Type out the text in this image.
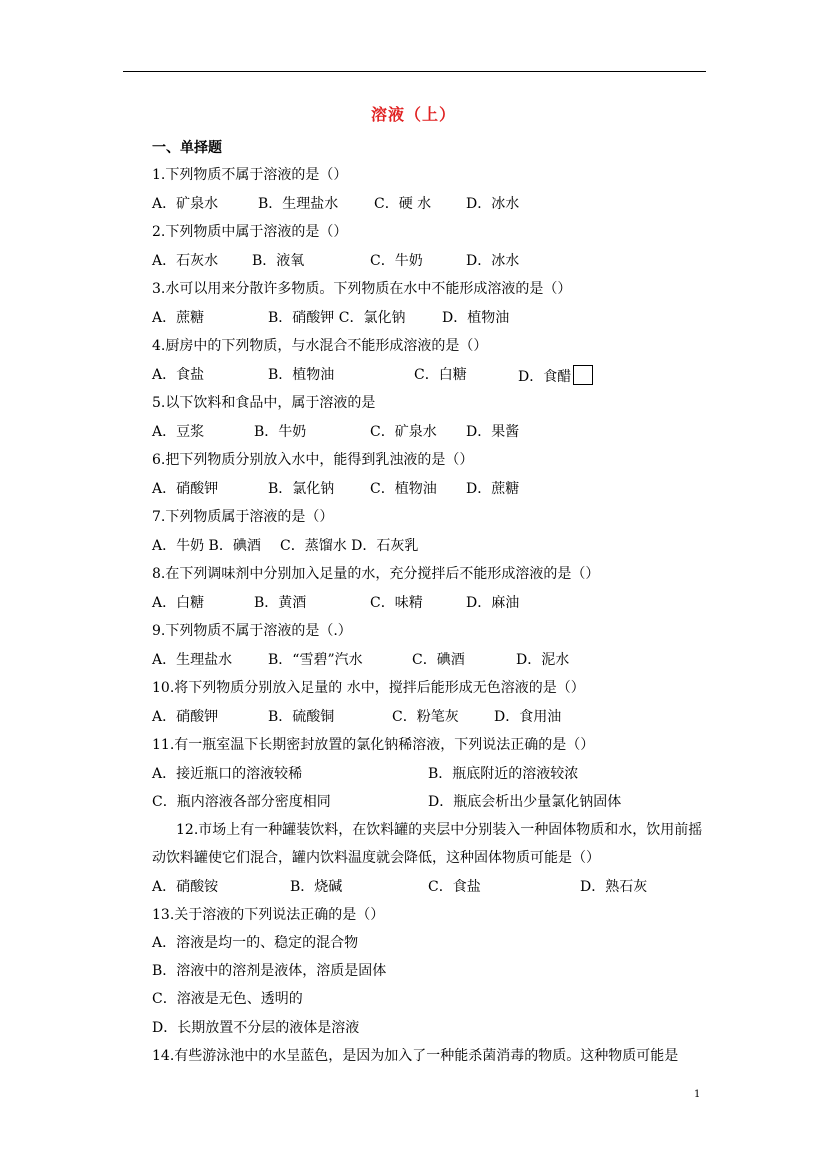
溶液（上）
一、单择题
1.下列物质不属于溶液的是（）
A．矿泉水	B．生理盐水	C．硬 水 D．冰水
2.下列物质中属于溶液的是（）
A．石灰水 B．液氧	C．牛奶	D．冰水
3.水可以用来分散许多物质。下列物质在水中不能形成溶液的是（）
A．蔗糖	B．硝酸钾 C．氯化钠	D．植物油
4.厨房中的下列物质，与水混合不能形成溶液的是（）
A．食盐	B．植物油	C．白糖	D．食醋
5.以下饮料和食品中，属于溶液的是
A．豆浆	B．牛奶	C．矿泉水 D．果酱
6.把下列物质分别放入水中，能得到乳浊液的是（）
A．硝酸钾	B．氯化钠	C．植物油 D．蔗糖
7.下列物质属于溶液的是（）
A．牛奶 B．碘酒 C．蒸馏水 D．石灰乳
8.在下列调味剂中分别加入足量的水，充分搅拌后不能形成溶液的是（）
A．白糖	B．黄酒	C．味精	D．麻油
9.下列物质不属于溶液的是（.）
A．生理盐水	B．“雪碧”汽水	C．碘酒	D．泥水
10.将下列物质分别放入足量的 水中，搅拌后能形成无色溶液的是（）
A．硝酸钾	B．硫酸铜	C．粉笔灰	D．食用油
11.有一瓶室温下长期密封放置的氯化钠稀溶液，下列说法正确的是（）
A．接近瓶口的溶液较稀	B．瓶底附近的溶液较浓
C．瓶内溶液各部分密度相同	D．瓶底会析出少量氯化钠固体
12.市场上有一种罐装饮料，在饮料罐的夹层中分别装入一种固体物质和水，饮用前摇
动饮料罐使它们混合，罐内饮料温度就会降低，这种固体物质可能是（）
A．硝酸铵	B．烧碱	C．食盐	D．熟石灰
13.关于溶液的下列说法正确的是（）
A．溶液是均一的、稳定的混合物
B．溶液中的溶剂是液体，溶质是固体
C．溶液是无色、透明的
D．长期放置不分层的液体是溶液
14.有些游泳池中的水呈蓝色，是因为加入了一种能杀菌消毒的物质。这种物质可能是
1
